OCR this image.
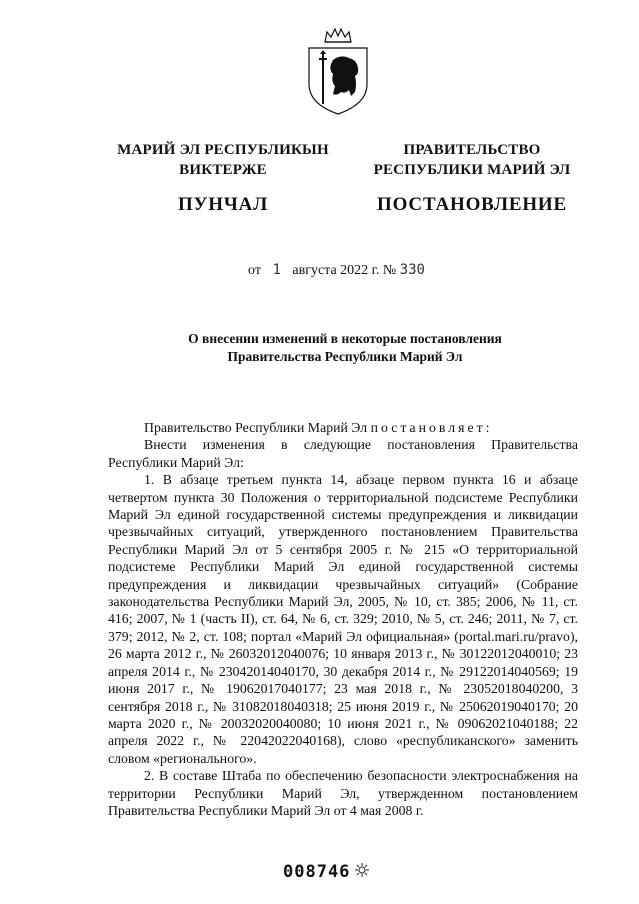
МАРИЙ ЭЛ РЕСПУБЛИКЫН
ВИКТЕРЖЕ
ПУНЧАЛ
ПРАВИТЕЛЬСТВО
РЕСПУБЛИКИ МАРИЙ ЭЛ
ПОСТАНОВЛЕНИЕ
от 1 августа 2022 г. № 330
О внесении изменений в некоторые постановления
Правительства Республики Марий Эл

Правительство Республики Марий Эл постановляет:

Внести изменения в следующие постановления Правительства Республики Марий Эл:

1. В абзаце третьем пункта 14, абзаце первом пункта 16 и абзаце четвертом пункта 30 Положения о территориальной подсистеме Республики Марий Эл единой государственной системы предупреждения и ликвидации чрезвычайных ситуаций, утвержденного постановлением Правительства Республики Марий Эл от 5 сентября 2005 г. № 215 «О территориальной подсистеме Республики Марий Эл единой государственной системы предупреждения и ликвидации чрезвычайных ситуаций» (Собрание законодательства Республики Марий Эл, 2005, № 10, ст. 385; 2006, № 11, ст. 416; 2007, № 1 (часть II), ст. 64, № 6, ст. 329; 2010, № 5, ст. 246; 2011, № 7, ст. 379; 2012, № 2, ст. 108; портал «Марий Эл официальная» (portal.mari.ru/pravo), 26 марта 2012 г., № 26032012040076; 10 января 2013 г., № 30122012040010; 23 апреля 2014 г., № 23042014040170, 30 декабря 2014 г., № 29122014040569; 19 июня 2017 г., № 19062017040177; 23 мая 2018 г., № 23052018040200, 3 сентября 2018 г., № 31082018040318; 25 июня 2019 г., № 25062019040170; 20 марта 2020 г., № 20032020040080; 10 июня 2021 г., № 09062021040188; 22 апреля 2022 г., № 22042022040168), слово «республиканского» заменить словом «регионального».

2. В составе Штаба по обеспечению безопасности электроснабжения на территории Республики Марий Эл, утвержденном постановлением Правительства Республики Марий Эл от 4 мая 2008 г.

008746
